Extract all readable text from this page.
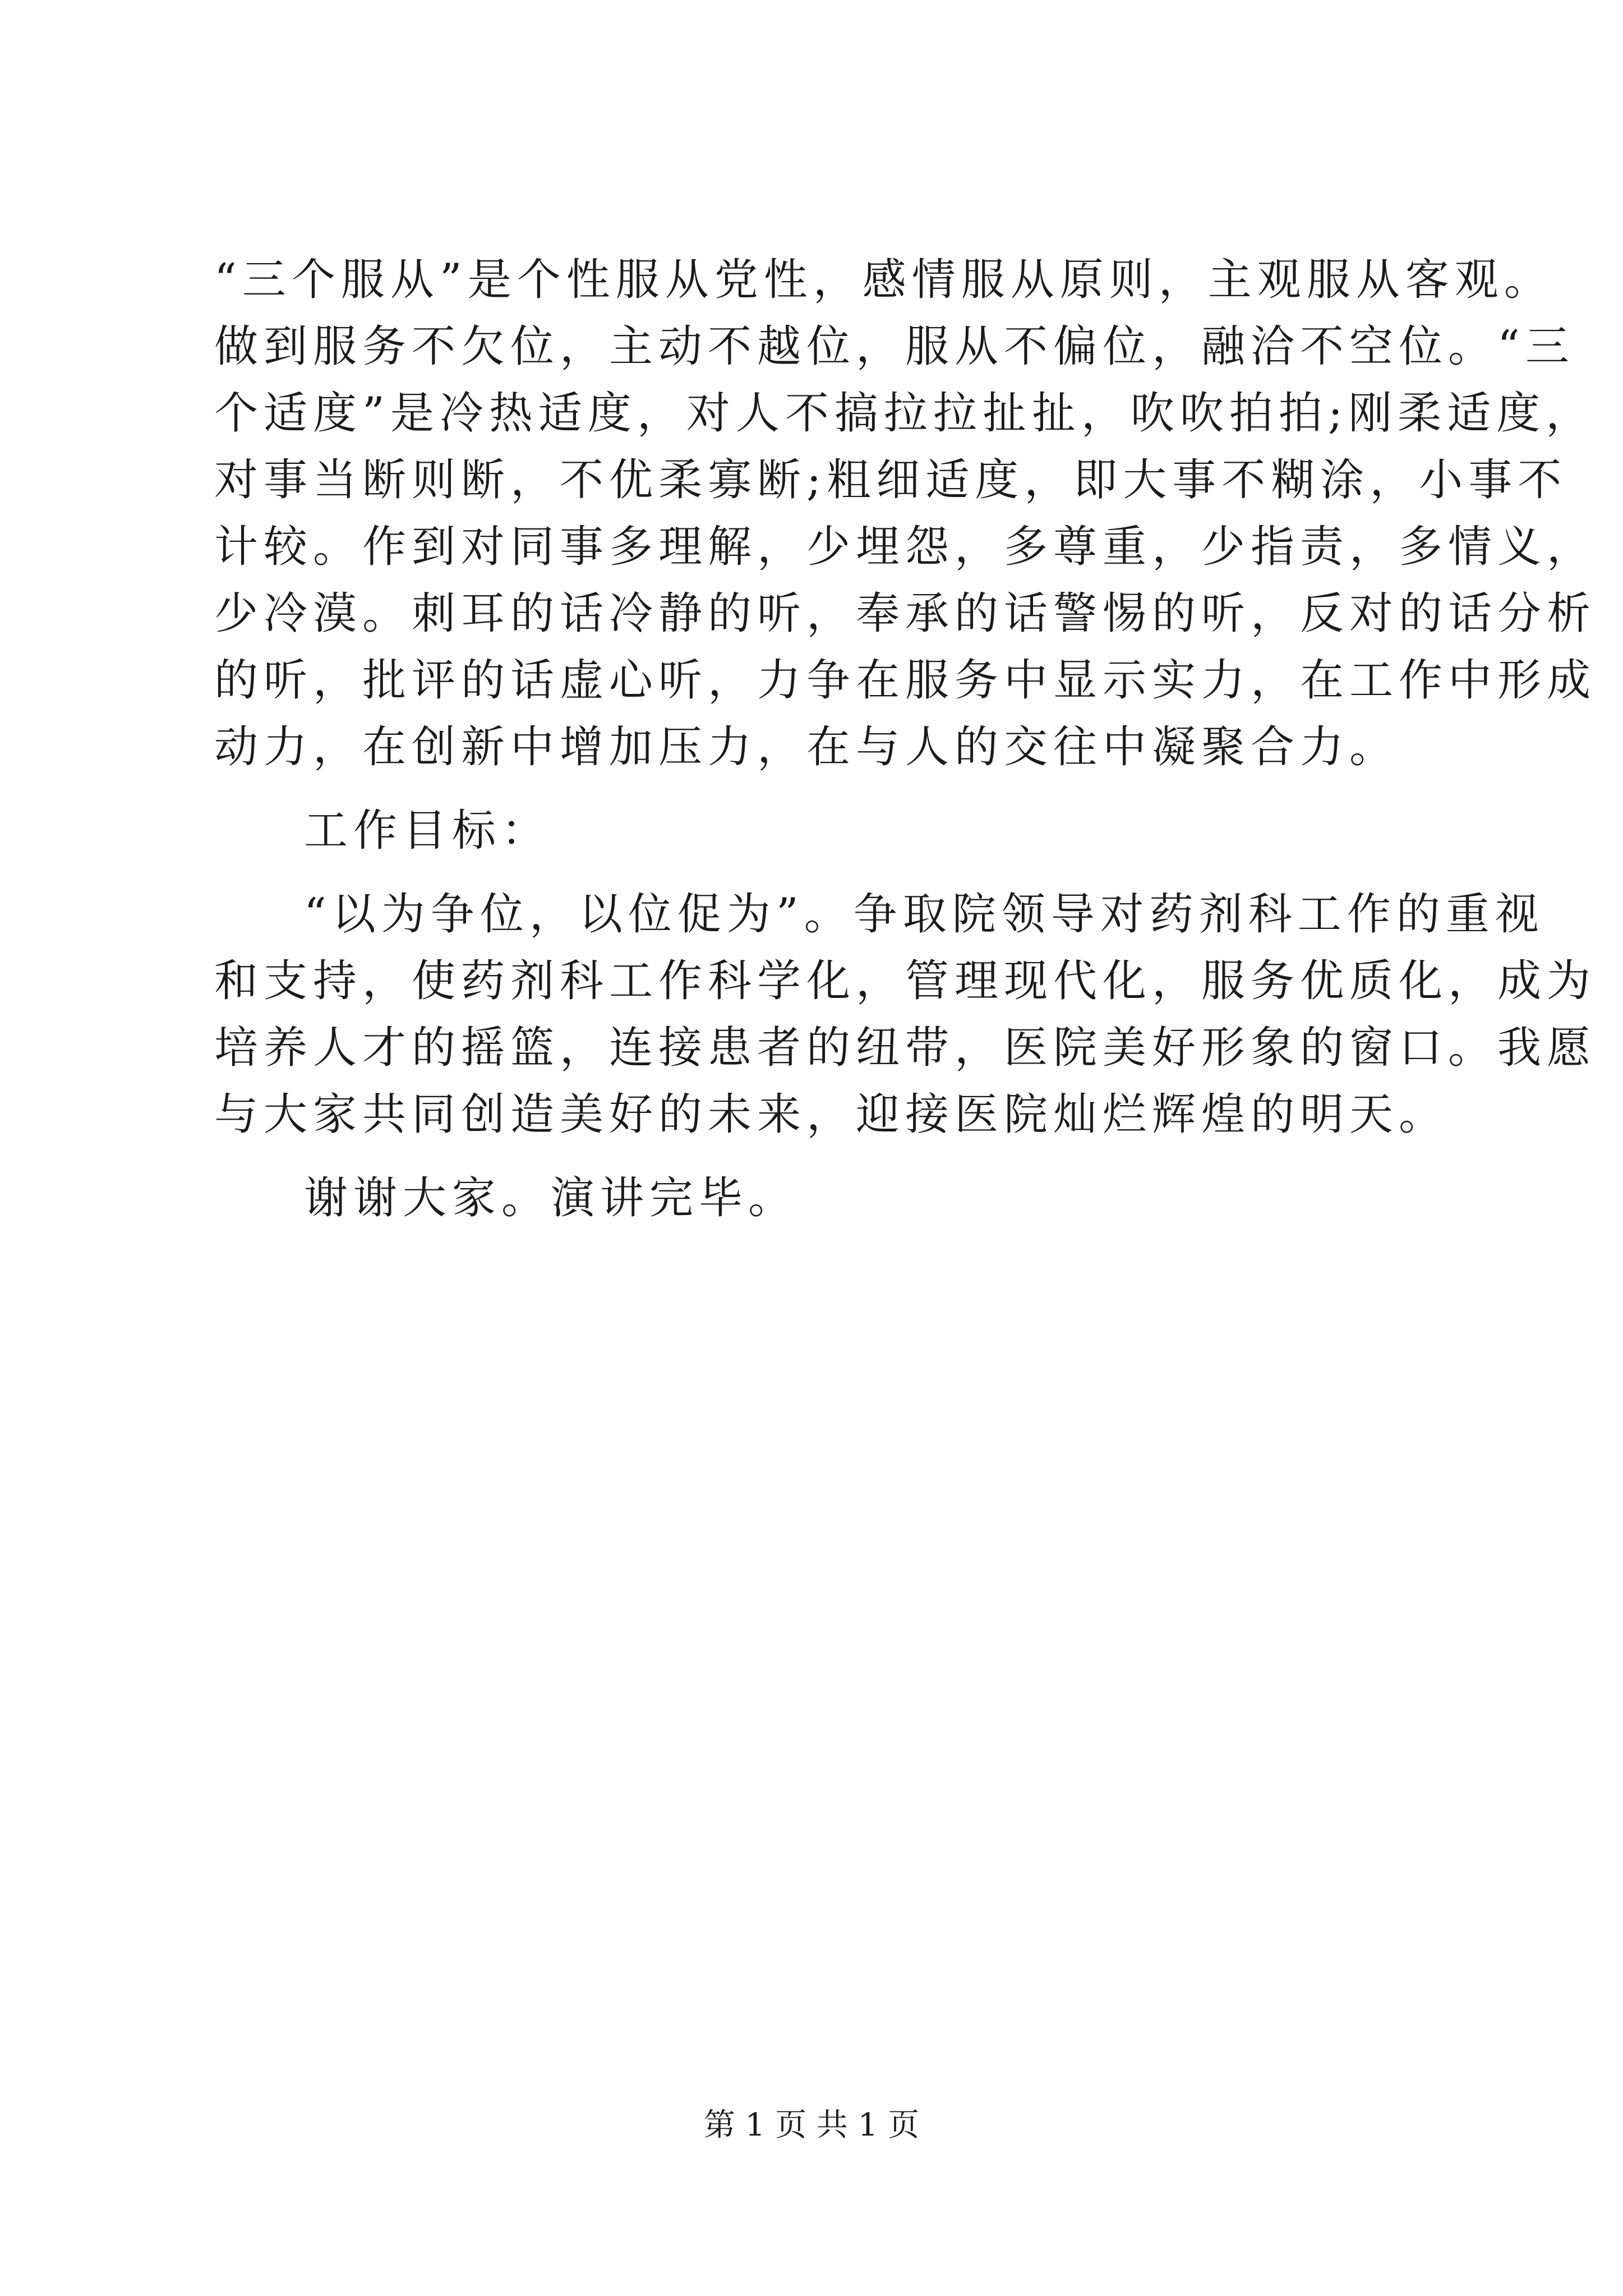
“三个服从”是个性服从党性，感情服从原则，主观服从客观。
做到服务不欠位，主动不越位，服从不偏位，融洽不空位。“三
个适度”是冷热适度，对人不搞拉拉扯扯，吹吹拍拍;刚柔适度，
对事当断则断，不优柔寡断;粗细适度，即大事不糊涂，小事不
计较。作到对同事多理解，少埋怨，多尊重，少指责，多情义，
少冷漠。刺耳的话冷静的听，奉承的话警惕的听，反对的话分析
的听，批评的话虚心听，力争在服务中显示实力，在工作中形成
动力，在创新中增加压力，在与人的交往中凝聚合力。
工作目标：
“以为争位，以位促为”。争取院领导对药剂科工作的重视
和支持，使药剂科工作科学化，管理现代化，服务优质化，成为
培养人才的摇篮，连接患者的纽带，医院美好形象的窗口。我愿
与大家共同创造美好的未来，迎接医院灿烂辉煌的明天。
谢谢大家。演讲完毕。
第 1 页 共 1 页
